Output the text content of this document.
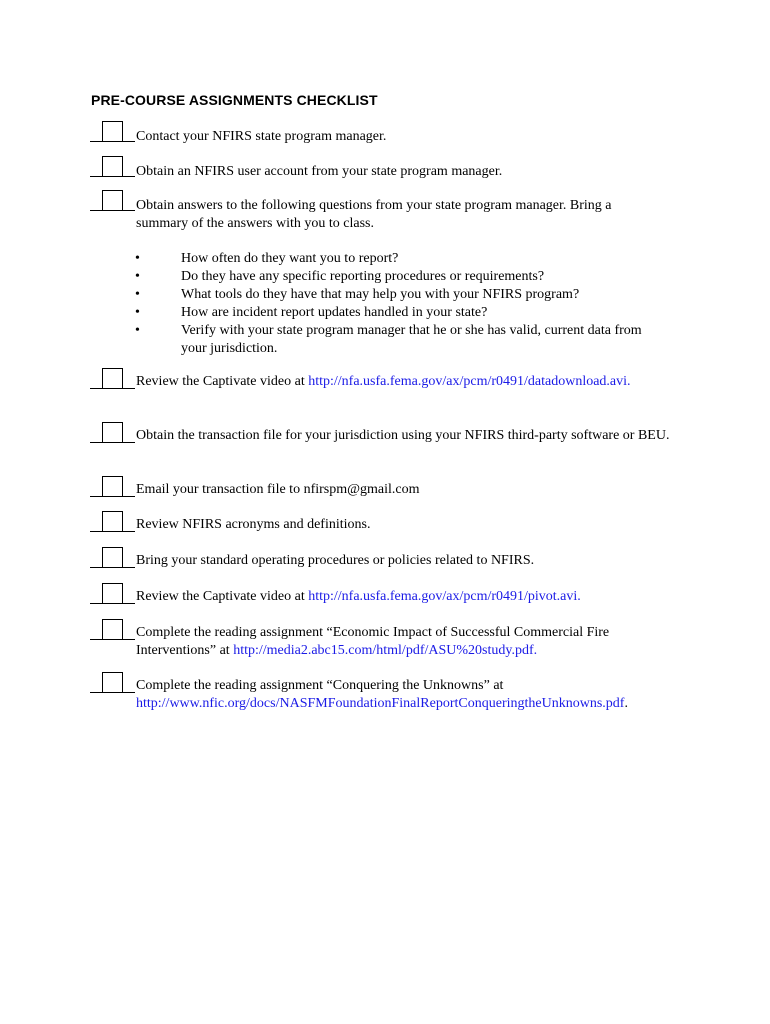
PRE-COURSE ASSIGNMENTS CHECKLIST
Contact your NFIRS state program manager.
Obtain an NFIRS user account from your state program manager.
Obtain answers to the following questions from your state program manager. Bring a summary of the answers with you to class.
•	How often do they want you to report?
•	Do they have any specific reporting procedures or requirements?
•	What tools do they have that may help you with your NFIRS program?
•	How are incident report updates handled in your state?
•	Verify with your state program manager that he or she has valid, current data from your jurisdiction.
Review the Captivate video at http://nfa.usfa.fema.gov/ax/pcm/r0491/datadownload.avi.
Obtain the transaction file for your jurisdiction using your NFIRS third-party software or BEU.
Email your transaction file to nfirspm@gmail.com
Review NFIRS acronyms and definitions.
Bring your standard operating procedures or policies related to NFIRS.
Review the Captivate video at http://nfa.usfa.fema.gov/ax/pcm/r0491/pivot.avi.
Complete the reading assignment “Economic Impact of Successful Commercial Fire Interventions” at http://media2.abc15.com/html/pdf/ASU%20study.pdf.
Complete the reading assignment “Conquering the Unknowns” at http://www.nfic.org/docs/NASFMFoundationFinalReportConqueringtheUnknowns.pdf.
